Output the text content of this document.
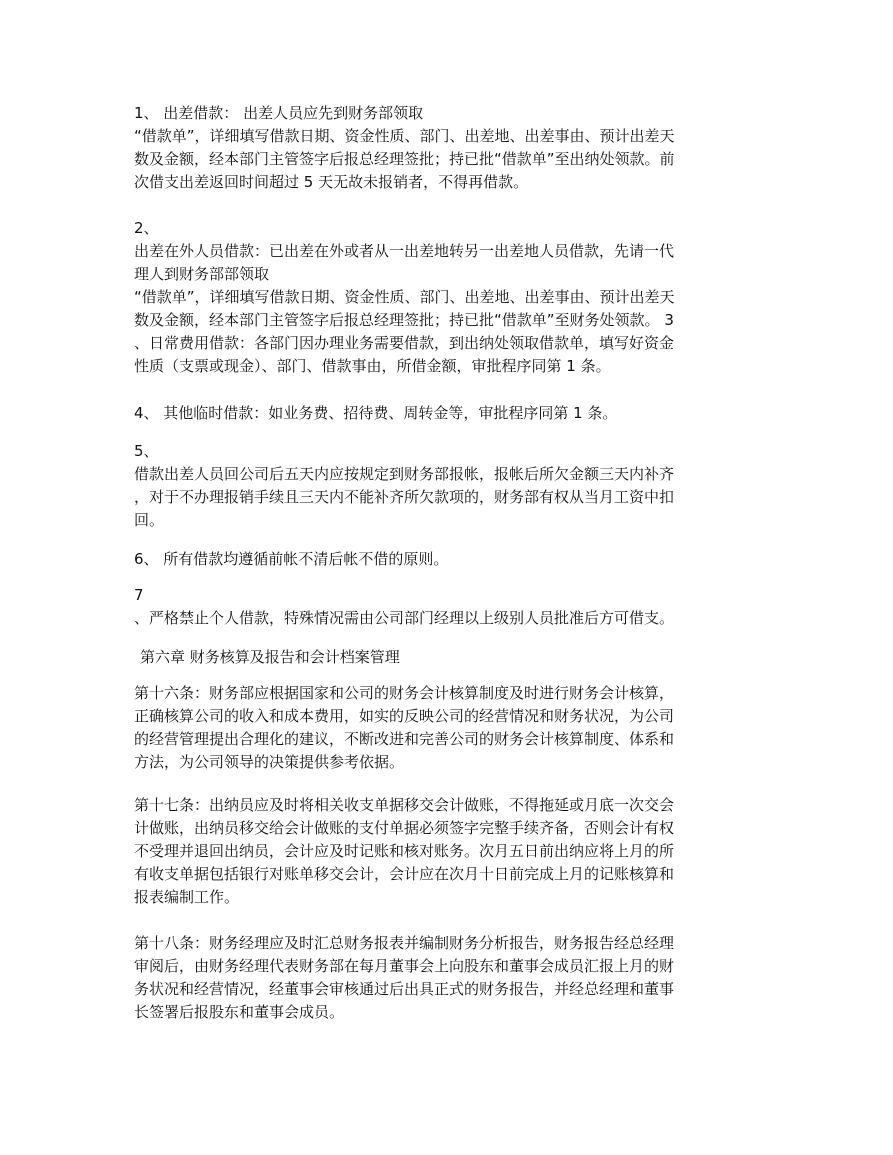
1、 出差借款： 出差人员应先到财务部领取
“借款单”，详细填写借款日期、资金性质、部门、出差地、出差事由、预计出差天
数及金额，经本部门主管签字后报总经理签批；持已批“借款单”至出纳处领款。前
次借支出差返回时间超过 5 天无故未报销者，不得再借款。
2、
出差在外人员借款：已出差在外或者从一出差地转另一出差地人员借款，先请一代
理人到财务部部领取
“借款单”，详细填写借款日期、资金性质、部门、出差地、出差事由、预计出差天
数及金额，经本部门主管签字后报总经理签批；持已批“借款单”至财务处领款。 3
、日常费用借款：各部门因办理业务需要借款，到出纳处领取借款单，填写好资金
性质（支票或现金）、部门、借款事由，所借金额，审批程序同第 1 条。
4、 其他临时借款：如业务费、招待费、周转金等，审批程序同第 1 条。
5、
借款出差人员回公司后五天内应按规定到财务部报帐，报帐后所欠金额三天内补齐
，对于不办理报销手续且三天内不能补齐所欠款项的，财务部有权从当月工资中扣
回。
6、 所有借款均遵循前帐不清后帐不借的原则。
7
、严格禁止个人借款，特殊情况需由公司部门经理以上级别人员批准后方可借支。
第六章 财务核算及报告和会计档案管理
第十六条：财务部应根据国家和公司的财务会计核算制度及时进行财务会计核算，
正确核算公司的收入和成本费用，如实的反映公司的经营情况和财务状况，为公司
的经营管理提出合理化的建议，不断改进和完善公司的财务会计核算制度、体系和
方法，为公司领导的决策提供参考依据。
第十七条：出纳员应及时将相关收支单据移交会计做账，不得拖延或月底一次交会
计做账，出纳员移交给会计做账的支付单据必须签字完整手续齐备，否则会计有权
不受理并退回出纳员，会计应及时记账和核对账务。次月五日前出纳应将上月的所
有收支单据包括银行对账单移交会计，会计应在次月十日前完成上月的记账核算和
报表编制工作。
第十八条：财务经理应及时汇总财务报表并编制财务分析报告，财务报告经总经理
审阅后，由财务经理代表财务部在每月董事会上向股东和董事会成员汇报上月的财
务状况和经营情况，经董事会审核通过后出具正式的财务报告，并经总经理和董事
长签署后报股东和董事会成员。
